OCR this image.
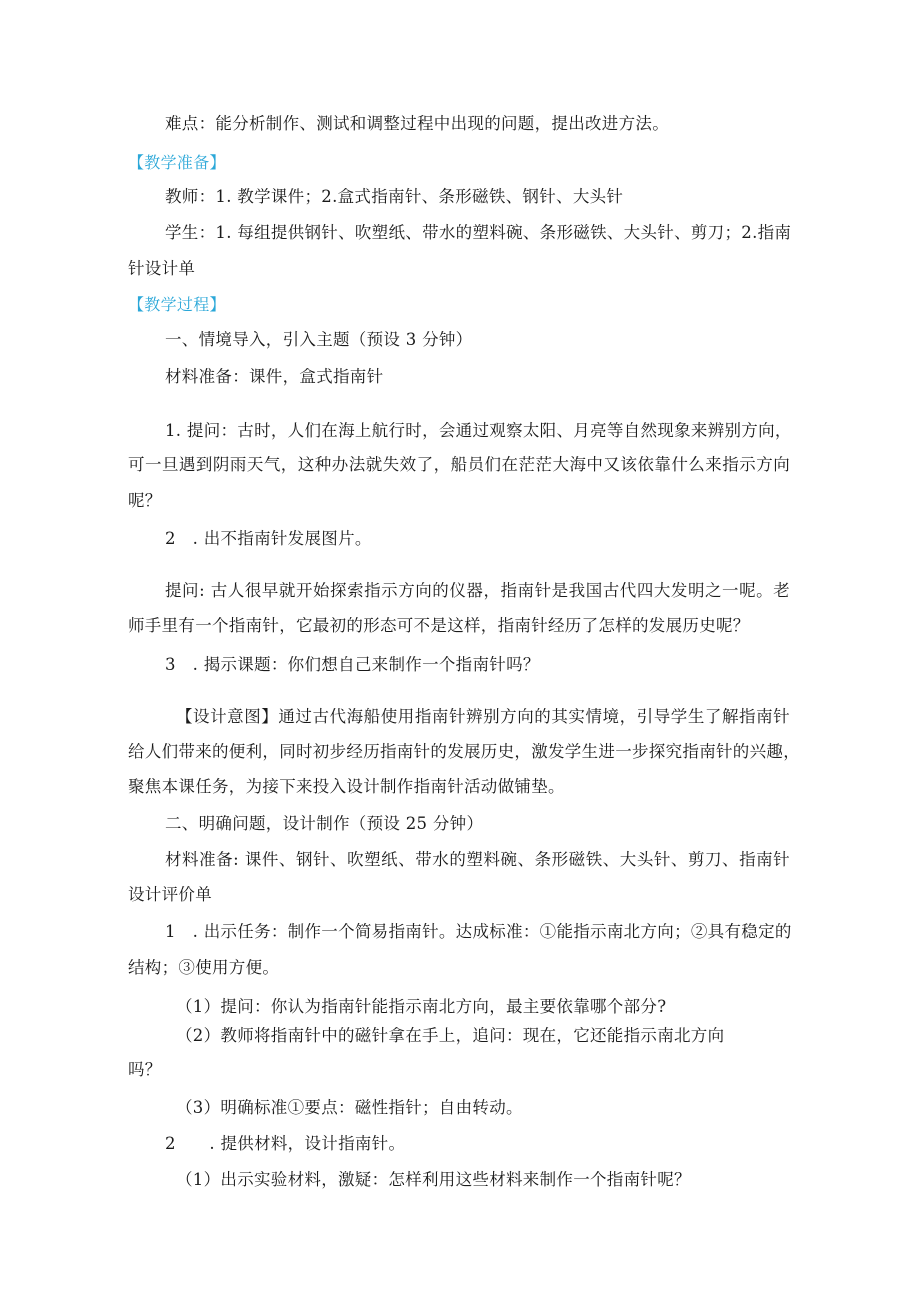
难点：能分析制作、测试和调整过程中出现的问题，提出改进方法。
【教学准备】
教师：1. 教学课件；2.盒式指南针、条形磁铁、钢针、大头针
学生：1. 每组提供钢针、吹塑纸、带水的塑料碗、条形磁铁、大头针、剪刀；2.指南
针设计单
【教学过程】
一、情境导入，引入主题（预设 3 分钟）
材料准备：课件，盒式指南针
1. 提问：古时，人们在海上航行时，会通过观察太阳、月亮等自然现象来辨别方向，
可一旦遇到阴雨天气，这种办法就失效了，船员们在茫茫大海中又该依靠什么来指示方向
呢？
2　. 出不指南针发展图片。
提问: 古人很早就开始探索指示方向的仪器，指南针是我国古代四大发明之一呢。老
师手里有一个指南针，它最初的形态可不是这样，指南针经历了怎样的发展历史呢？
3　. 揭示课题：你们想自己来制作一个指南针吗？
【设计意图】通过古代海船使用指南针辨别方向的其实情境，引导学生了解指南针
给人们带来的便利，同时初步经历指南针的发展历史，激发学生进一步探究指南针的兴趣，
聚焦本课任务，为接下来投入设计制作指南针活动做铺垫。
二、明确问题，设计制作（预设 25 分钟）
材料准备: 课件、钢针、吹塑纸、带水的塑料碗、条形磁铁、大头针、剪刀、指南针
设计评价单
1　. 出示任务：制作一个简易指南针。达成标准：①能指示南北方向；②具有稳定的
结构；③使用方便。
（1）提问：你认为指南针能指示南北方向，最主要依靠哪个部分?
（2）教师将指南针中的磁针拿在手上，追问：现在，它还能指示南北方向
吗？
（3）明确标准①要点：磁性指针；自由转动。
2　　. 提供材料，设计指南针。
（1）出示实验材料，激疑：怎样利用这些材料来制作一个指南针呢？
